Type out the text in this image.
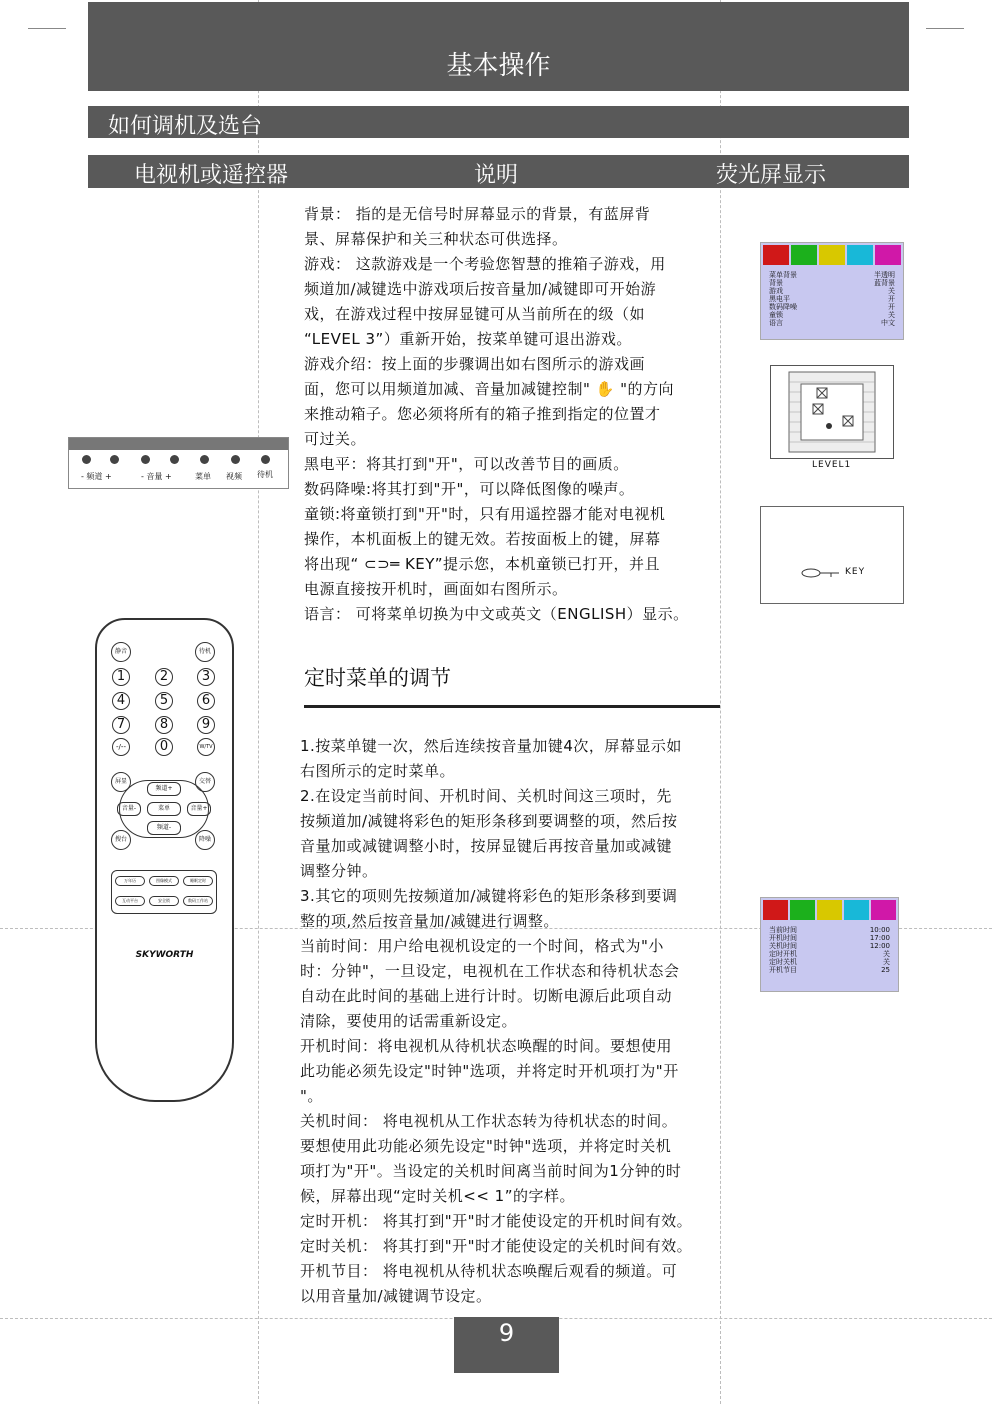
基本操作
如何调机及选台
电视机或遥控器	说明	荧光屏显示
背景： 指的是无信号时屏幕显示的背景，有蓝屏背
景、屏幕保护和关三种状态可供选择。
游戏： 这款游戏是一个考验您智慧的推箱子游戏，用
频道加/减键选中游戏项后按音量加/减键即可开始游
戏，在游戏过程中按屏显键可从当前所在的级（如
“LEVEL 3”）重新开始，按菜单键可退出游戏。
游戏介绍：按上面的步骤调出如右图所示的游戏画
面，您可以用频道加减、音量加减键控制" ✋ "的方向
来推动箱子。您必须将所有的箱子推到指定的位置才
可过关。
黑电平：将其打到"开"，可以改善节目的画质。
数码降噪:将其打到"开"，可以降低图像的噪声。
童锁:将童锁打到"开"时，只有用遥控器才能对电视机
操作，本机面板上的键无效。若按面板上的键，屏幕
将出现“ ⊂⊃═ KEY”提示您，本机童锁已打开，并且
电源直接按开机时，画面如右图所示。
语言： 可将菜单切换为中文或英文（ENGLISH）显示。
定时菜单的调节
1.按菜单键一次，然后连续按音量加键4次，屏幕显示如
右图所示的定时菜单。
2.在设定当前时间、开机时间、关机时间这三项时，先
按频道加/减键将彩色的矩形条移到要调整的项，然后按
音量加或减键调整小时，按屏显键后再按音量加或减键
调整分钟。
3.其它的项则先按频道加/减键将彩色的矩形条移到要调
整的项,然后按音量加/减键进行调整。
当前时间：用户给电视机设定的一个时间，格式为"小
时：分钟"，一旦设定，电视机在工作状态和待机状态会
自动在此时间的基础上进行计时。切断电源后此项自动
清除，要使用的话需重新设定。
开机时间：将电视机从待机状态唤醒的时间。要想使用
此功能必须先设定"时钟"选项，并将定时开机项打为"开
"。
关机时间： 将电视机从工作状态转为待机状态的时间。
要想使用此功能必须先设定"时钟"选项，并将定时关机
项打为"开"。当设定的关机时间离当前时间为1分钟的时
候，屏幕出现“定时关机<< 1”的字样。
定时开机： 将其打到"开"时才能使设定的开机时间有效。
定时关机： 将其打到"开"时才能使设定的关机时间有效。
开机节目： 将电视机从待机状态唤醒后观看的频道。可
以用音量加/减键调节设定。
菜单背景	半透明
背景	蓝背景
游戏	关
黑电平	开
数码降噪	开
童锁	关
语言	中文
LEVEL1
KEY
当前时间	10:00
开机时间	17:00
关机时间	12:00
定时开机	关
定时关机	关
开机节目	25
- 频道 +	- 音量 +	菜单 视频 待机
静音	待机
1	2	3
4	5	6
7	8	9
-/--	0	W/TV
屏显	交替
频道+
频道-
音量-	音量+
菜单
搜台	降噪
万年历	图像模式	睡眠定时
互动平台	安全锁	数码工作站
SKYWORTH
9
